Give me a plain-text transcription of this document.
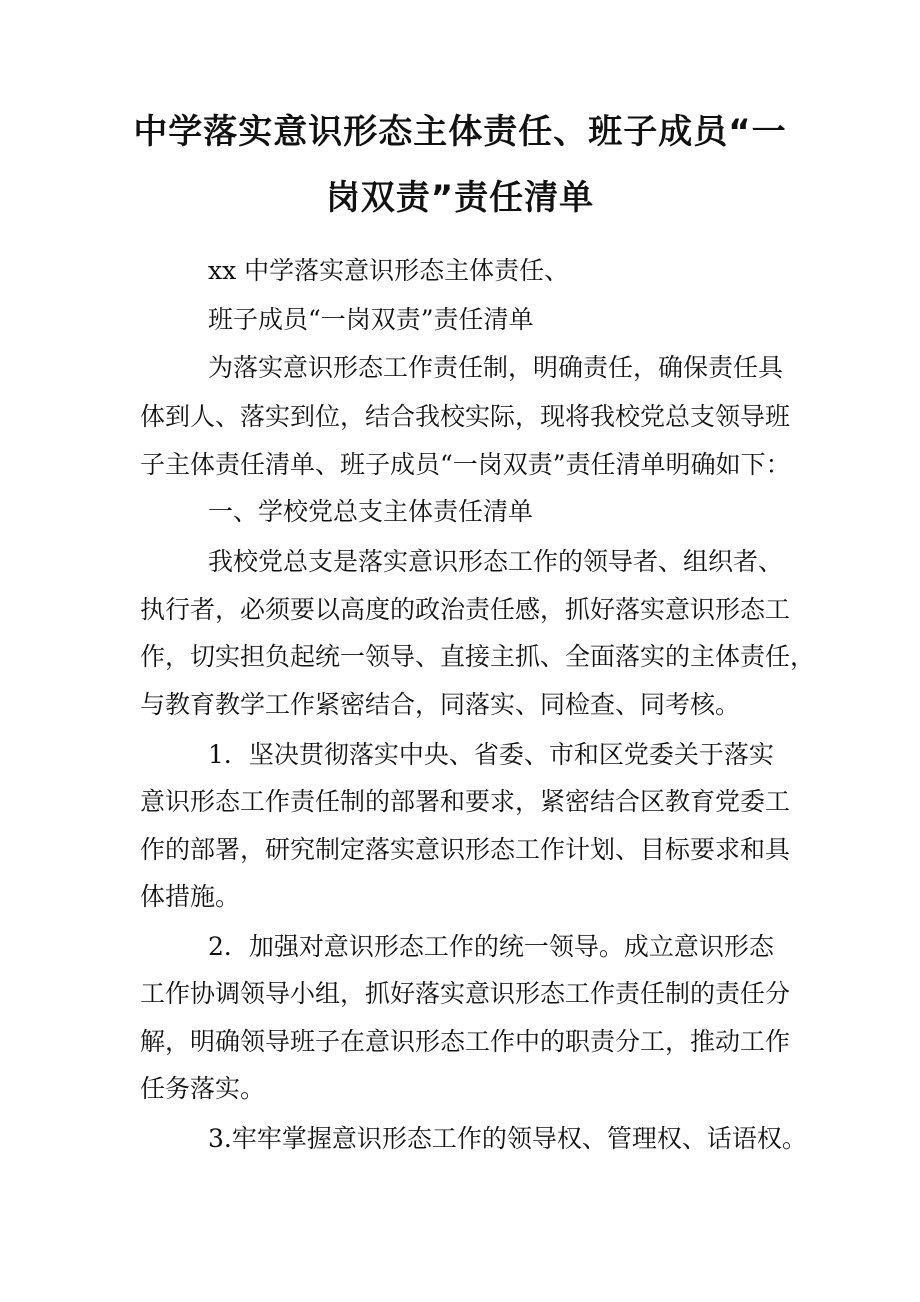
中学落实意识形态主体责任、班子成员“一
岗双责”责任清单
xx 中学落实意识形态主体责任、
班子成员“一岗双责”责任清单
为落实意识形态工作责任制，明确责任，确保责任具
体到人、落实到位，结合我校实际，现将我校党总支领导班
子主体责任清单、班子成员“一岗双责”责任清单明确如下：
一、学校党总支主体责任清单
我校党总支是落实意识形态工作的领导者、组织者、
执行者，必须要以高度的政治责任感，抓好落实意识形态工
作，切实担负起统一领导、直接主抓、全面落实的主体责任，
与教育教学工作紧密结合，同落实、同检查、同考核。
1．坚决贯彻落实中央、省委、市和区党委关于落实
意识形态工作责任制的部署和要求，紧密结合区教育党委工
作的部署，研究制定落实意识形态工作计划、目标要求和具
体措施。
2．加强对意识形态工作的统一领导。成立意识形态
工作协调领导小组，抓好落实意识形态工作责任制的责任分
解，明确领导班子在意识形态工作中的职责分工，推动工作
任务落实。
3.牢牢掌握意识形态工作的领导权、管理权、话语权。
